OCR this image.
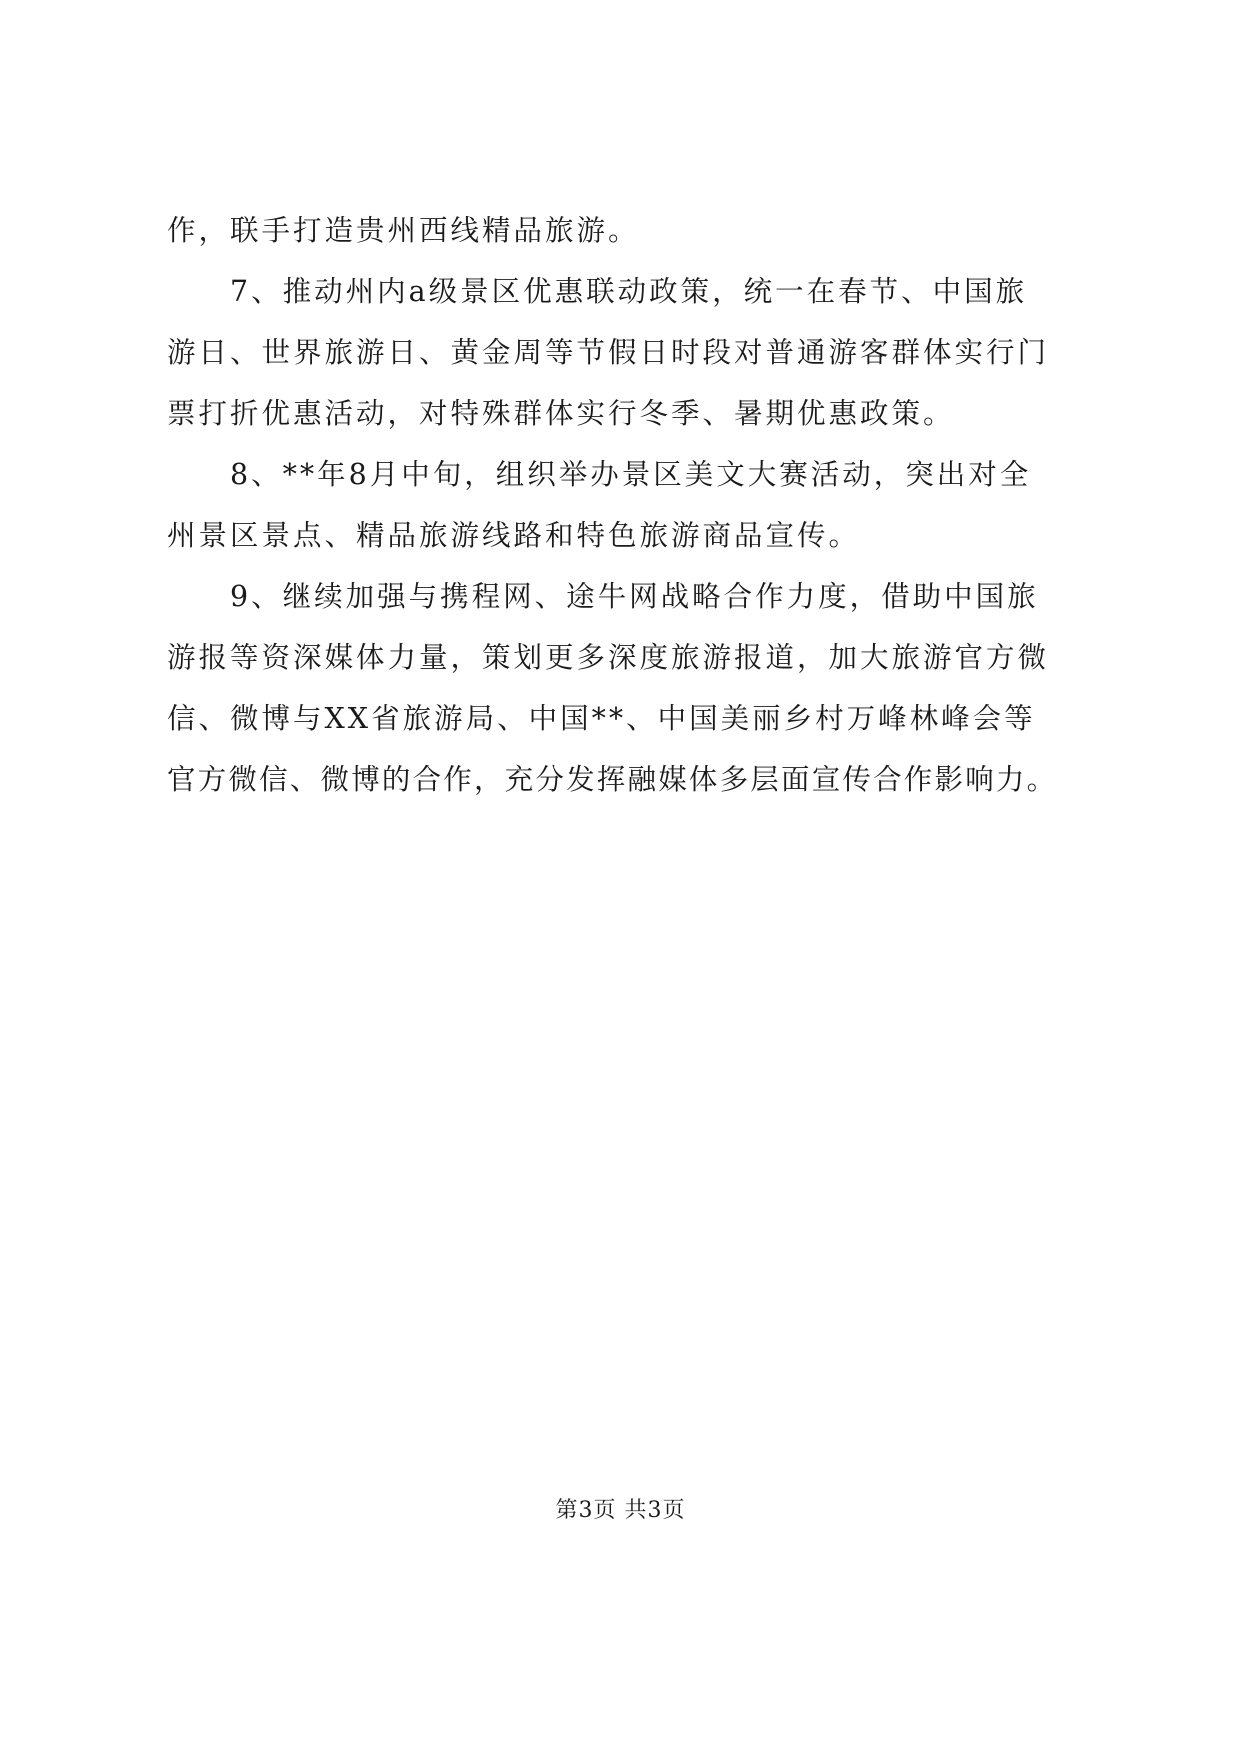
作，联手打造贵州西线精品旅游。
7、推动州内a级景区优惠联动政策，统一在春节、中国旅
游日、世界旅游日、黄金周等节假日时段对普通游客群体实行门
票打折优惠活动，对特殊群体实行冬季、暑期优惠政策。
8、**年8月中旬，组织举办景区美文大赛活动，突出对全
州景区景点、精品旅游线路和特色旅游商品宣传。
9、继续加强与携程网、途牛网战略合作力度，借助中国旅
游报等资深媒体力量，策划更多深度旅游报道，加大旅游官方微
信、微博与XX省旅游局、中国**、中国美丽乡村万峰林峰会等
官方微信、微博的合作，充分发挥融媒体多层面宣传合作影响力。
第3页 共3页
